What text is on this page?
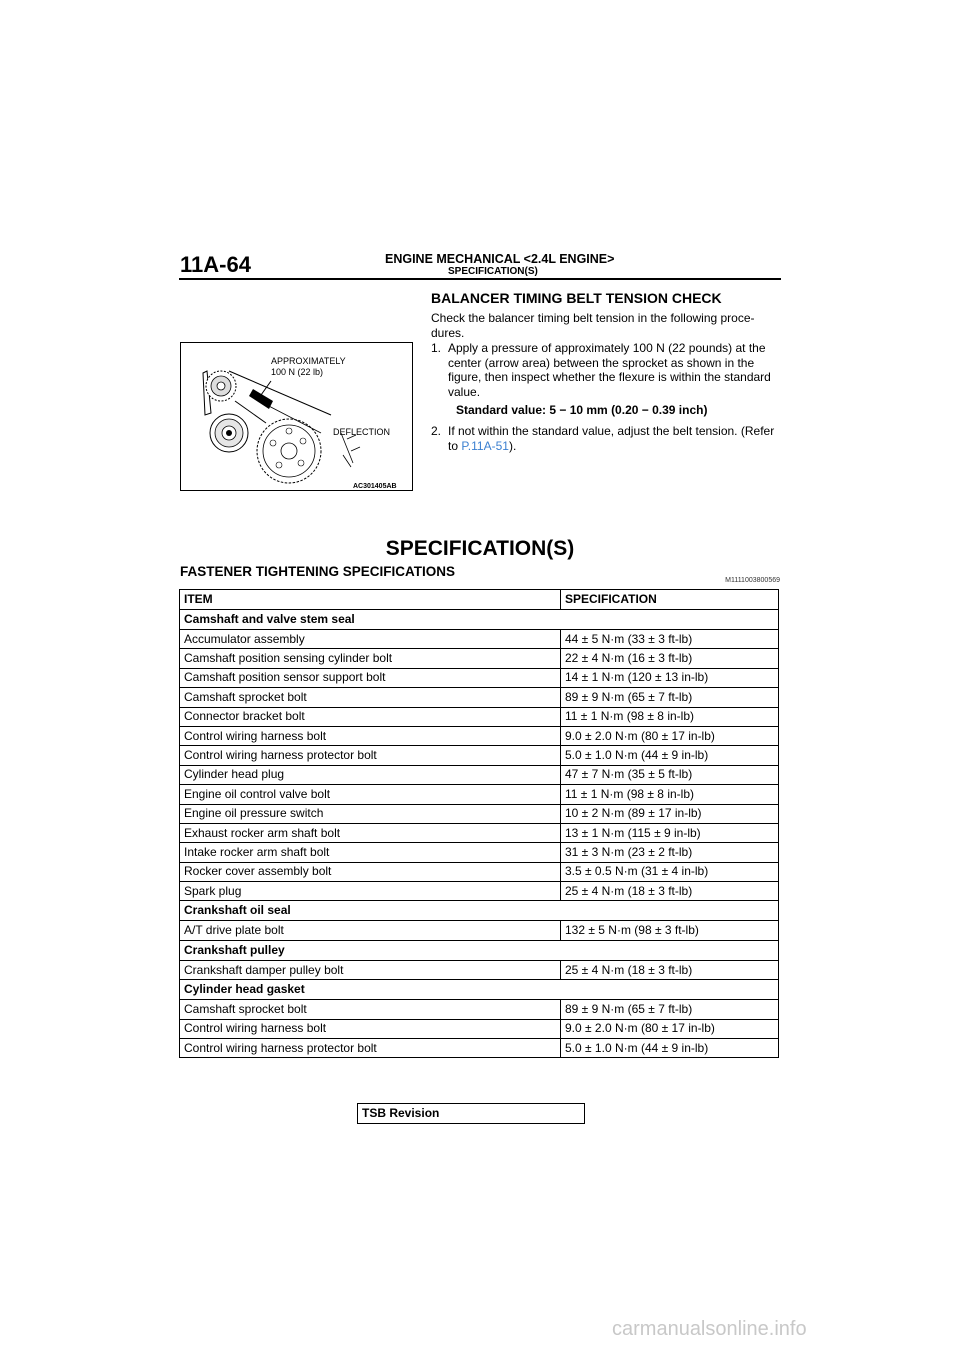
11A-64	ENGINE MECHANICAL <2.4L ENGINE>
SPECIFICATION(S)
APPROXIMATELY
100 N (22 lb)
DEFLECTION
AC301405AB
BALANCER TIMING BELT TENSION CHECK
Check the balancer timing belt tension in the following proce- dures.
1. Apply a pressure of approximately 100 N (22 pounds) at the center (arrow area) between the sprocket as shown in the figure, then inspect whether the flexure is within the standard value.
Standard value: 5 − 10 mm (0.20 − 0.39 inch)
2. If not within the standard value, adjust the belt tension. (Refer to P.11A-51).
SPECIFICATION(S)
FASTENER TIGHTENING SPECIFICATIONS
M1111003800569
ITEM	SPECIFICATION
Camshaft and valve stem seal	
Accumulator assembly	44 ± 5 N·m (33 ± 3 ft-lb)
Camshaft position sensing cylinder bolt	22 ± 4 N·m (16 ± 3 ft-lb)
Camshaft position sensor support bolt	14 ± 1 N·m (120 ± 13 in-lb)
Camshaft sprocket bolt	89 ± 9 N·m (65 ± 7 ft-lb)
Connector bracket bolt	11 ± 1 N·m (98 ± 8 in-lb)
Control wiring harness bolt	9.0 ± 2.0 N·m (80 ± 17 in-lb)
Control wiring harness protector bolt	5.0 ± 1.0 N·m (44 ± 9 in-lb)
Cylinder head plug	47 ± 7 N·m (35 ± 5 ft-lb)
Engine oil control valve bolt	11 ± 1 N·m (98 ± 8 in-lb)
Engine oil pressure switch	10 ± 2 N·m (89 ± 17 in-lb)
Exhaust rocker arm shaft bolt	13 ± 1 N·m (115 ± 9 in-lb)
Intake rocker arm shaft bolt	31 ± 3 N·m (23 ± 2 ft-lb)
Rocker cover assembly bolt	3.5 ± 0.5 N·m (31 ± 4 in-lb)
Spark plug	25 ± 4 N·m (18 ± 3 ft-lb)
Crankshaft oil seal	
A/T drive plate bolt	132 ± 5 N·m (98 ± 3 ft-lb)
Crankshaft pulley	
Crankshaft damper pulley bolt	25 ± 4 N·m (18 ± 3 ft-lb)
Cylinder head gasket	
Camshaft sprocket bolt	89 ± 9 N·m (65 ± 7 ft-lb)
Control wiring harness bolt	9.0 ± 2.0 N·m (80 ± 17 in-lb)
Control wiring harness protector bolt	5.0 ± 1.0 N·m (44 ± 9 in-lb)
TSB Revision
carmanualsonline.info
